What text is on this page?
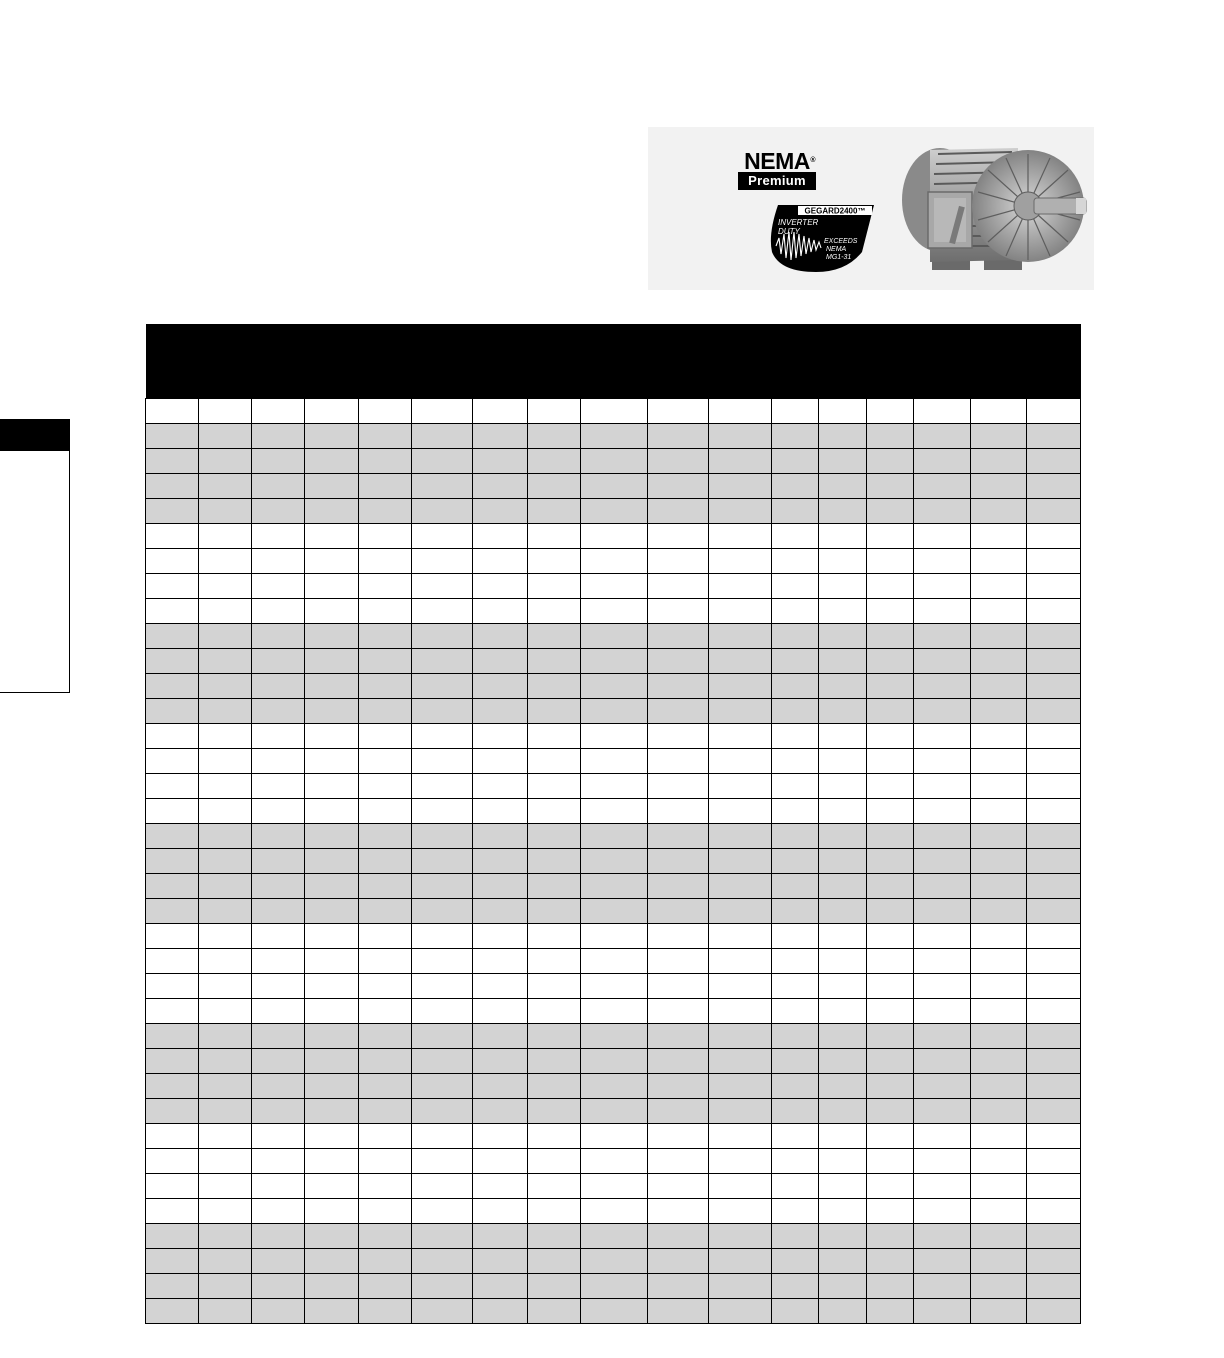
NEMA ®
Premium
GEGARD2400™
INVERTER
DUTY
EXCEEDS
NEMA
MG1-31
